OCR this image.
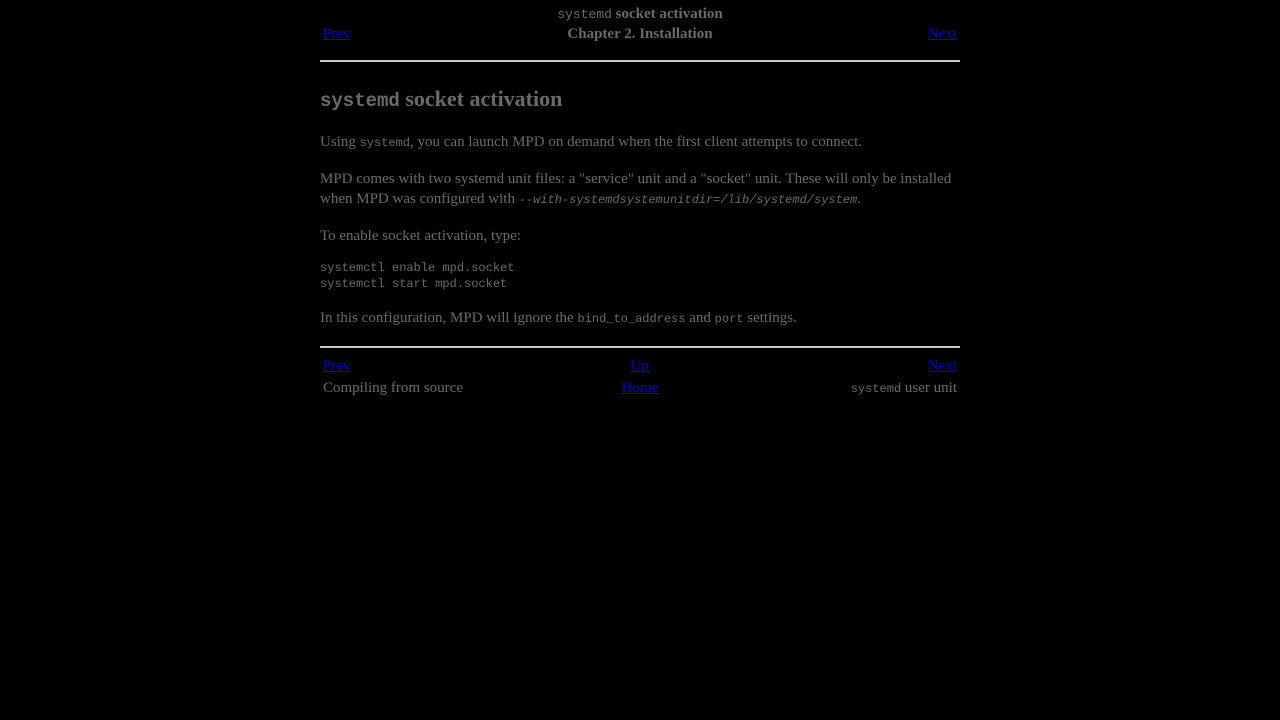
systemd socket activation
Prev	Chapter 2. Installation	Next
systemd socket activation

Using systemd, you can launch MPD on demand when the first client attempts to connect.

MPD comes with two systemd unit files: a "service" unit and a "socket" unit. These will only be installed when MPD was configured with --with-systemdsystemunitdir=/lib/systemd/system.

To enable socket activation, type:

systemctl enable mpd.socket
systemctl start mpd.socket

In this configuration, MPD will ignore the bind_to_address and port settings.

Prev	Up	Next
Compiling from source	Home	systemd user unit
